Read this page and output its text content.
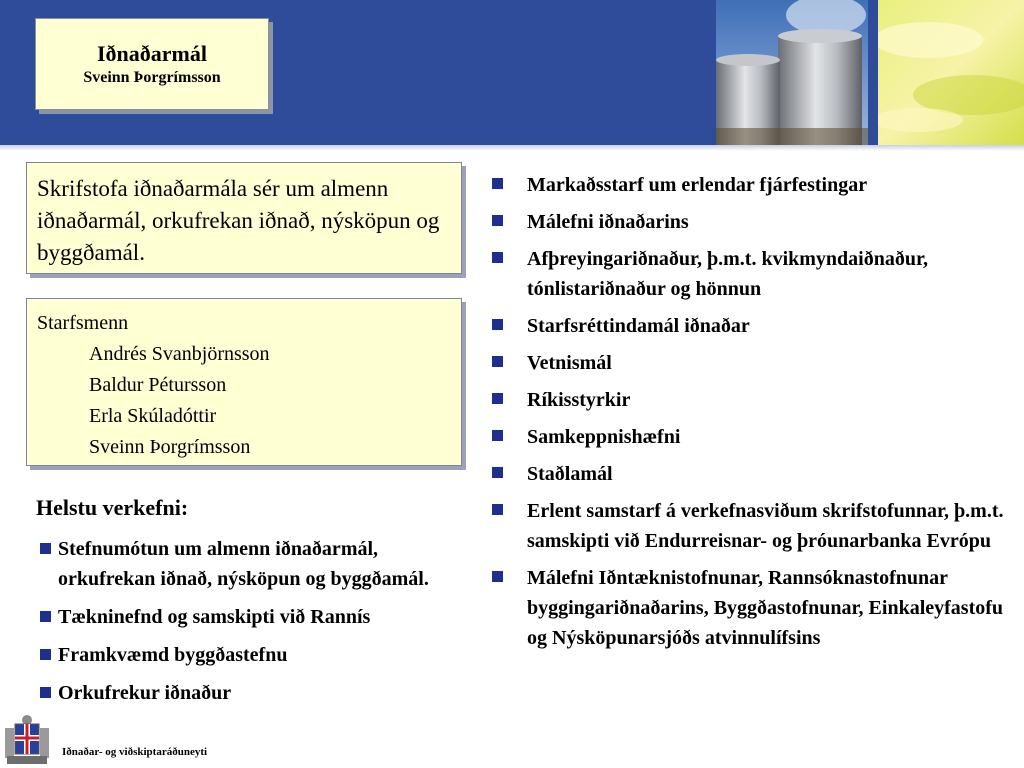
Iðnaðarmál
Sveinn Þorgrímsson

Skrifstofa iðnaðarmála sér um almenn iðnaðarmál, orkufrekan iðnað, nýsköpun og byggðamál.

Starfsmenn
Andrés Svanbjörnsson
Baldur Pétursson
Erla Skúladóttir
Sveinn Þorgrímsson
Helstu verkefni:
Stefnumótun um almenn iðnaðarmál, orkufrekan iðnað, nýsköpun og byggðamál.
Tækninefnd og samskipti við Rannís
Framkvæmd byggðastefnu
Orkufrekur iðnaður
Markaðsstarf um erlendar fjárfestingar
Málefni iðnaðarins
Afþreyingariðnaður, þ.m.t. kvikmyndaiðnaður, tónlistariðnaður og hönnun
Starfsréttindamál iðnaðar
Vetnismál
Ríkisstyrkir
Samkeppnishæfni
Staðlamál
Erlent samstarf á verkefnasviðum skrifstofunnar, þ.m.t. samskipti við Endurreisnar- og þróunarbanka Evrópu
Málefni Iðntæknistofnunar, Rannsóknastofnunar byggingariðnaðarins, Byggðastofnunar, Einkaleyfastofu og Nýsköpunarsjóðs atvinnulífsins
Iðnaðar- og viðskiptaráðuneyti
